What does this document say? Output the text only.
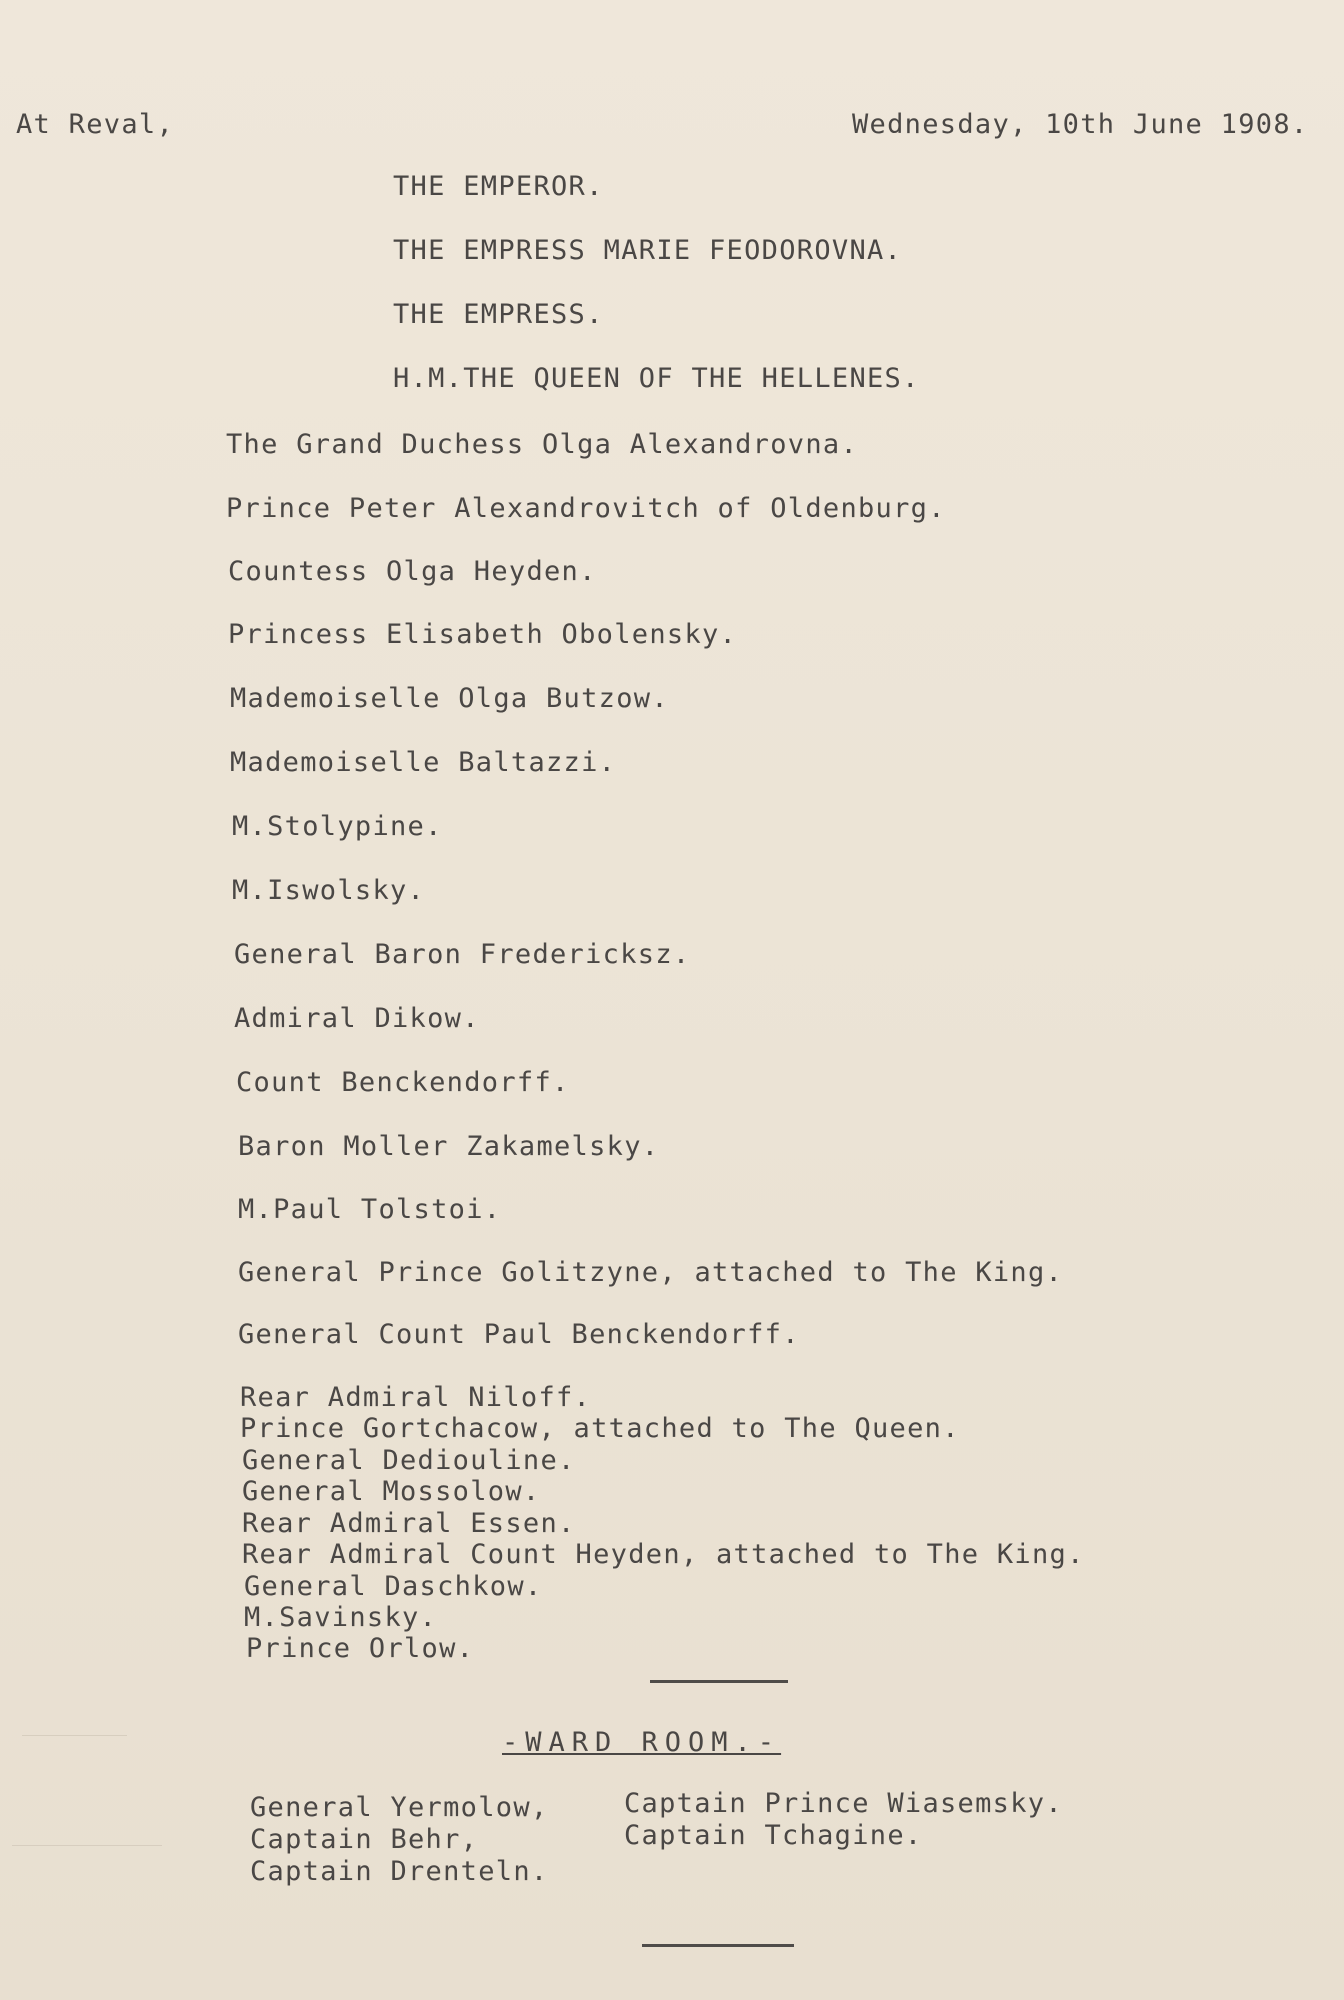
At Reval,	Wednesday, 10th June 1908.
THE EMPEROR.
THE EMPRESS MARIE FEODOROVNA.
THE EMPRESS.
H.M.THE QUEEN OF THE HELLENES.
The Grand Duchess Olga Alexandrovna.
Prince Peter Alexandrovitch of Oldenburg.
Countess Olga Heyden.
Princess Elisabeth Obolensky.
Mademoiselle Olga Butzow.
Mademoiselle Baltazzi.
M.Stolypine.
M.Iswolsky.
General Baron Fredericksz.
Admiral Dikow.
Count Benckendorff.
Baron Moller Zakamelsky.
M.Paul Tolstoi.
General Prince Golitzyne, attached to The King.
General Count Paul Benckendorff.
Rear Admiral Niloff.
Prince Gortchacow, attached to The Queen.
General Dediouline.
General Mossolow.
Rear Admiral Essen.
Rear Admiral Count Heyden, attached to The King.
General Daschkow.
M.Savinsky.
Prince Orlow.
-WARD ROOM.-
General Yermolow,
Captain Behr,
Captain Drenteln.
Captain Prince Wiasemsky.
Captain Tchagine.
